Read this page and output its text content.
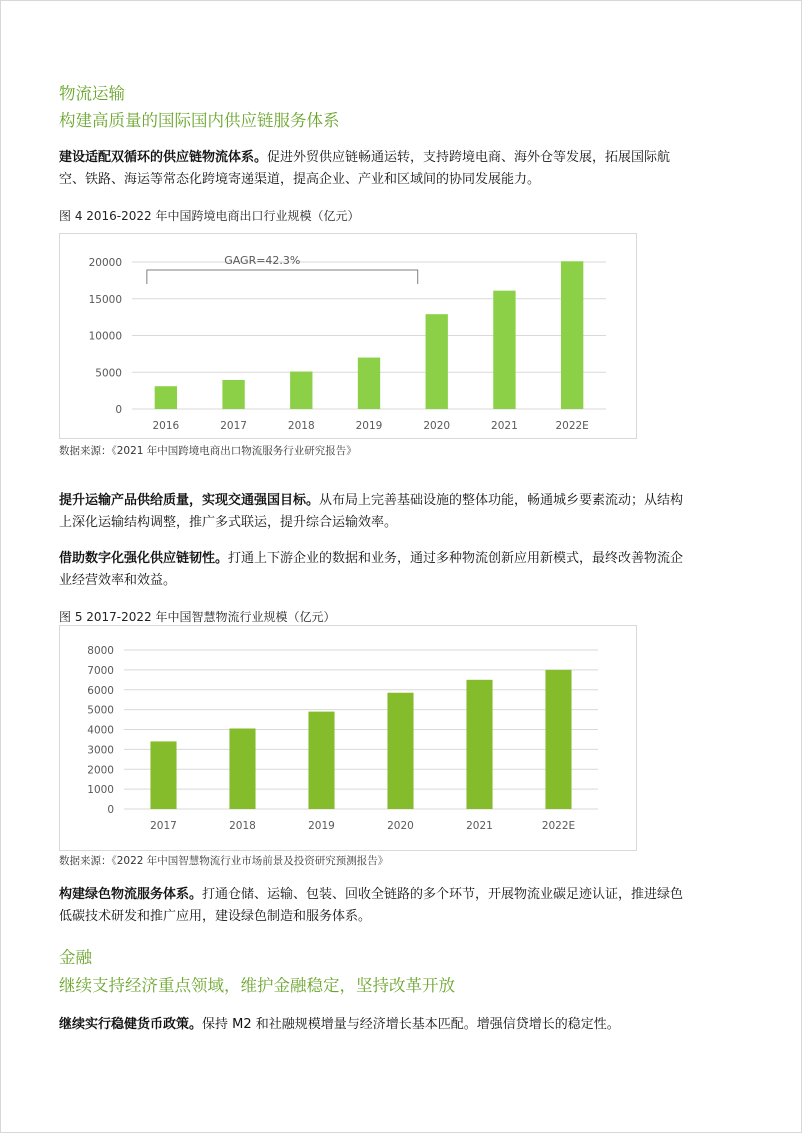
物流运输
构建高质量的国际国内供应链服务体系
建设适配双循环的供应链物流体系。促进外贸供应链畅通运转，支持跨境电商、海外仓等发展，拓展国际航
空、铁路、海运等常态化跨境寄递渠道，提高企业、产业和区域间的协同发展能力。
图 4 2016-2022 年中国跨境电商出口行业规模（亿元）
0
5000
10000
15000
20000
2016	2017	2018	2019	2020	2021	2022E
GAGR=42.3%
数据来源：《2021 年中国跨境电商出口物流服务行业研究报告》
提升运输产品供给质量，实现交通强国目标。从布局上完善基础设施的整体功能，畅通城乡要素流动；从结构
上深化运输结构调整，推广多式联运，提升综合运输效率。
借助数字化强化供应链韧性。打通上下游企业的数据和业务，通过多种物流创新应用新模式，最终改善物流企
业经营效率和效益。
图 5 2017-2022 年中国智慧物流行业规模（亿元）
0
1000
2000
3000
4000
5000
6000
7000
8000
2017	2018	2019	2020	2021	2022E
数据来源：《2022 年中国智慧物流行业市场前景及投资研究预测报告》
构建绿色物流服务体系。打通仓储、运输、包装、回收全链路的多个环节，开展物流业碳足迹认证，推进绿色
低碳技术研发和推广应用，建设绿色制造和服务体系。
金融
继续支持经济重点领域，维护金融稳定，坚持改革开放
继续实行稳健货币政策。保持 M2 和社融规模增量与经济增长基本匹配。增强信贷增长的稳定性。
